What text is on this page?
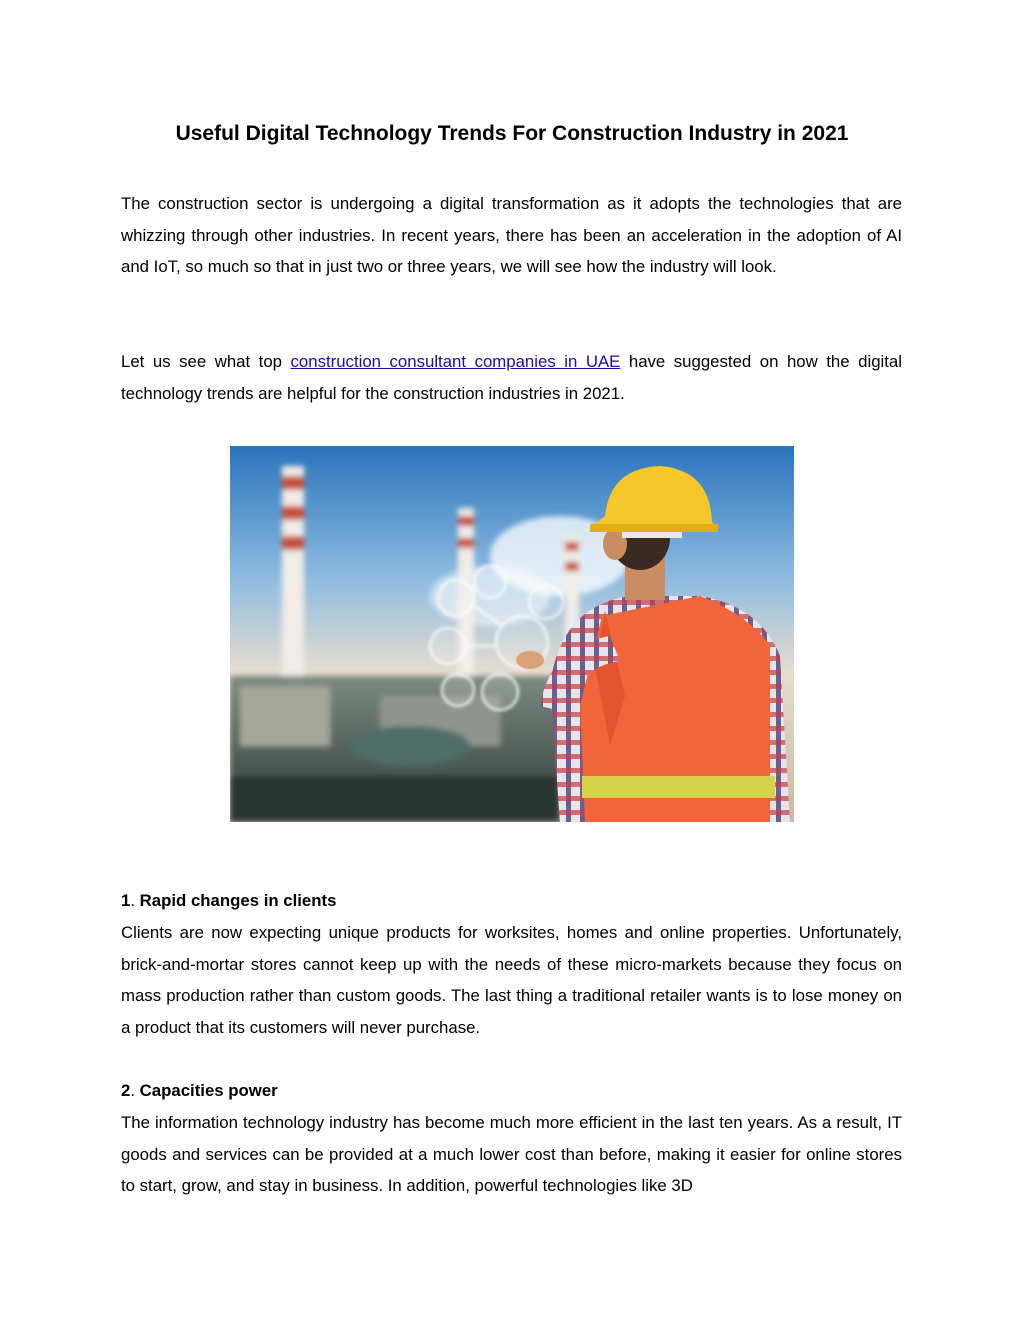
Useful Digital Technology Trends For Construction Industry in 2021

The construction sector is undergoing a digital transformation as it adopts the technologies that are whizzing through other industries. In recent years, there has been an acceleration in the adoption of AI and IoT, so much so that in just two or three years, we will see how the industry will look.

Let us see what top construction consultant companies in UAE have suggested on how the digital technology trends are helpful for the construction industries in 2021.

1. Rapid changes in clients

Clients are now expecting unique products for worksites, homes and online properties. Unfortunately, brick-and-mortar stores cannot keep up with the needs of these micro-markets because they focus on mass production rather than custom goods. The last thing a traditional retailer wants is to lose money on a product that its customers will never purchase.

2. Capacities power

The information technology industry has become much more efficient in the last ten years. As a result, IT goods and services can be provided at a much lower cost than before, making it easier for online stores to start, grow, and stay in business. In addition, powerful technologies like 3D
